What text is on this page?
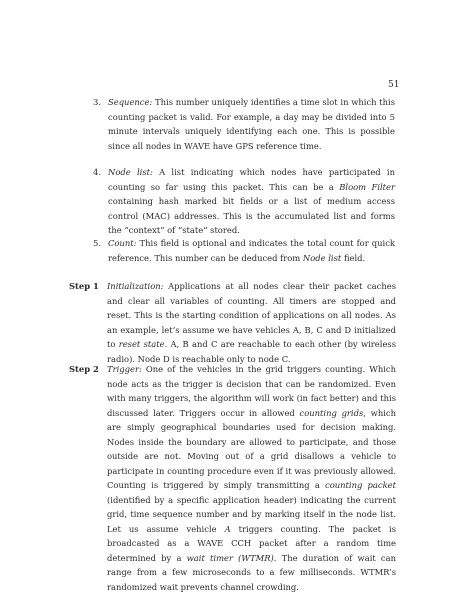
51
3. Sequence: This number uniquely identifies a time slot in which this counting packet is valid. For example, a day may be divided into 5 minute intervals uniquely identifying each one. This is possible since all nodes in WAVE have GPS reference time.
4. Node list: A list indicating which nodes have participated in counting so far using this packet. This can be a Bloom Filter containing hash marked bit fields or a list of medium access control (MAC) addresses. This is the accumulated list and forms the “context” of “state” stored.
5. Count: This field is optional and indicates the total count for quick reference. This number can be deduced from Node list field.
Step 1 Initialization: Applications at all nodes clear their packet caches and clear all variables of counting. All timers are stopped and reset. This is the starting condition of applications on all nodes. As an example, let’s assume we have vehicles A, B, C and D initialized to reset state. A, B and C are reachable to each other (by wireless radio). Node D is reachable only to node C.
Step 2 Trigger: One of the vehicles in the grid triggers counting. Which node acts as the trigger is decision that can be randomized. Even with many triggers, the algorithm will work (in fact better) and this discussed later. Triggers occur in allowed counting grids, which are simply geographical boundaries used for decision making. Nodes inside the boundary are allowed to participate, and those outside are not. Moving out of a grid disallows a vehicle to participate in counting procedure even if it was previously allowed. Counting is triggered by simply transmitting a counting packet (identified by a specific application header) indicating the current grid, time sequence number and by marking itself in the node list. Let us assume vehicle A triggers counting. The packet is broadcasted as a WAVE CCH packet after a random time determined by a wait timer (WTMR). The duration of wait can range from a few microseconds to a few milliseconds. WTMR’s randomized wait prevents channel crowding.
